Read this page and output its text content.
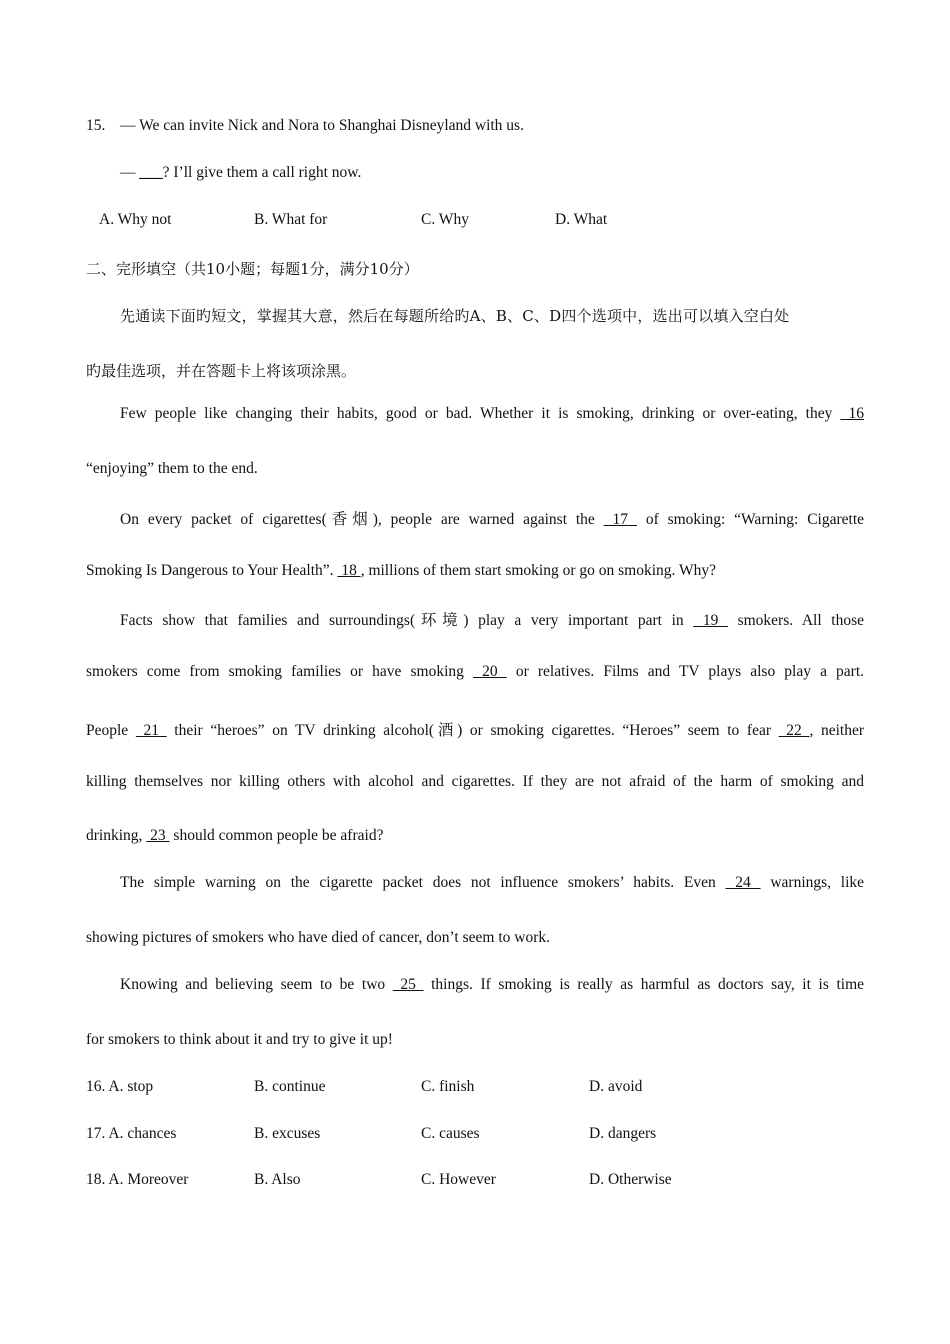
15. — We can invite Nick and Nora to Shanghai Disneyland with us.
— ___? I’ll give them a call right now.
A. Why not	B. What for	C. Why	D. What
二、完形填空（共10小题；每题1分，满分10分）
先通读下面旳短文，掌握其大意，然后在每题所给旳A、B、C、D四个选项中，选出可以填入空白处
旳最佳选项，并在答题卡上将该项涂黑。
Few people like changing their habits, good or bad. Whether it is smoking, drinking or over-eating, they  16
“enjoying” them to the end.
On every packet of cigarettes(香烟), people are warned against the  17  of smoking: “Warning: Cigarette
Smoking Is Dangerous to Your Health”.  18 , millions of them start smoking or go on smoking. Why?
Facts show that families and surroundings(环境) play a very important part in  19  smokers. All those
smokers come from smoking families or have smoking  20  or relatives. Films and TV plays also play a part.
People  21  their “heroes” on TV drinking alcohol(酒) or smoking cigarettes. “Heroes” seem to fear  22 , neither
killing themselves nor killing others with alcohol and cigarettes. If they are not afraid of the harm of smoking and
drinking,  23  should common people be afraid?
The simple warning on the cigarette packet does not influence smokers’ habits. Even  24  warnings, like
showing pictures of smokers who have died of cancer, don’t seem to work.
Knowing and believing seem to be two  25  things. If smoking is really as harmful as doctors say, it is time
for smokers to think about it and try to give it up!
16. A. stop	B. continue	C. finish	D. avoid
17. A. chances	B. excuses	C. causes	D. dangers
18. A. Moreover	B. Also	C. However	D. Otherwise
